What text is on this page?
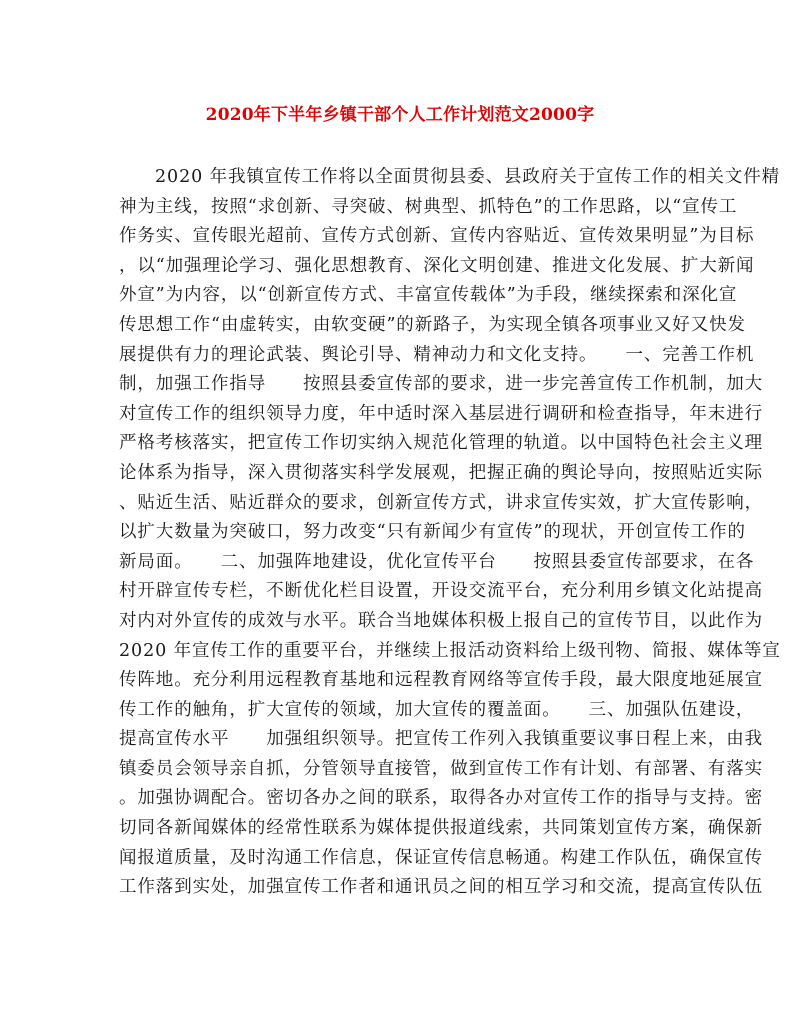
2020年下半年乡镇干部个人工作计划范文2000字
2020 年我镇宣传工作将以全面贯彻县委、县政府关于宣传工作的相关文件精
神为主线，按照“求创新、寻突破、树典型、抓特色”的工作思路，以“宣传工
作务实、宣传眼光超前、宣传方式创新、宣传内容贴近、宣传效果明显”为目标
，以“加强理论学习、强化思想教育、深化文明创建、推进文化发展、扩大新闻
外宣”为内容，以“创新宣传方式、丰富宣传载体”为手段，继续探索和深化宣
传思想工作“由虚转实，由软变硬”的新路子，为实现全镇各项事业又好又快发
展提供有力的理论武装、舆论引导、精神动力和文化支持。　　一、完善工作机
制，加强工作指导　　按照县委宣传部的要求，进一步完善宣传工作机制，加大
对宣传工作的组织领导力度，年中适时深入基层进行调研和检查指导，年末进行
严格考核落实，把宣传工作切实纳入规范化管理的轨道。以中国特色社会主义理
论体系为指导，深入贯彻落实科学发展观，把握正确的舆论导向，按照贴近实际
、贴近生活、贴近群众的要求，创新宣传方式，讲求宣传实效，扩大宣传影响，
以扩大数量为突破口，努力改变“只有新闻少有宣传”的现状，开创宣传工作的
新局面。　　二、加强阵地建设，优化宣传平台　　按照县委宣传部要求，在各
村开辟宣传专栏，不断优化栏目设置，开设交流平台，充分利用乡镇文化站提高
对内对外宣传的成效与水平。联合当地媒体积极上报自己的宣传节目，以此作为
2020 年宣传工作的重要平台，并继续上报活动资料给上级刊物、简报、媒体等宣
传阵地。充分利用远程教育基地和远程教育网络等宣传手段，最大限度地延展宣
传工作的触角，扩大宣传的领域，加大宣传的覆盖面。　　三、加强队伍建设，
提高宣传水平　　加强组织领导。把宣传工作列入我镇重要议事日程上来，由我
镇委员会领导亲自抓，分管领导直接管，做到宣传工作有计划、有部署、有落实
。加强协调配合。密切各办之间的联系，取得各办对宣传工作的指导与支持。密
切同各新闻媒体的经常性联系为媒体提供报道线索，共同策划宣传方案，确保新
闻报道质量，及时沟通工作信息，保证宣传信息畅通。构建工作队伍，确保宣传
工作落到实处，加强宣传工作者和通讯员之间的相互学习和交流，提高宣传队伍
